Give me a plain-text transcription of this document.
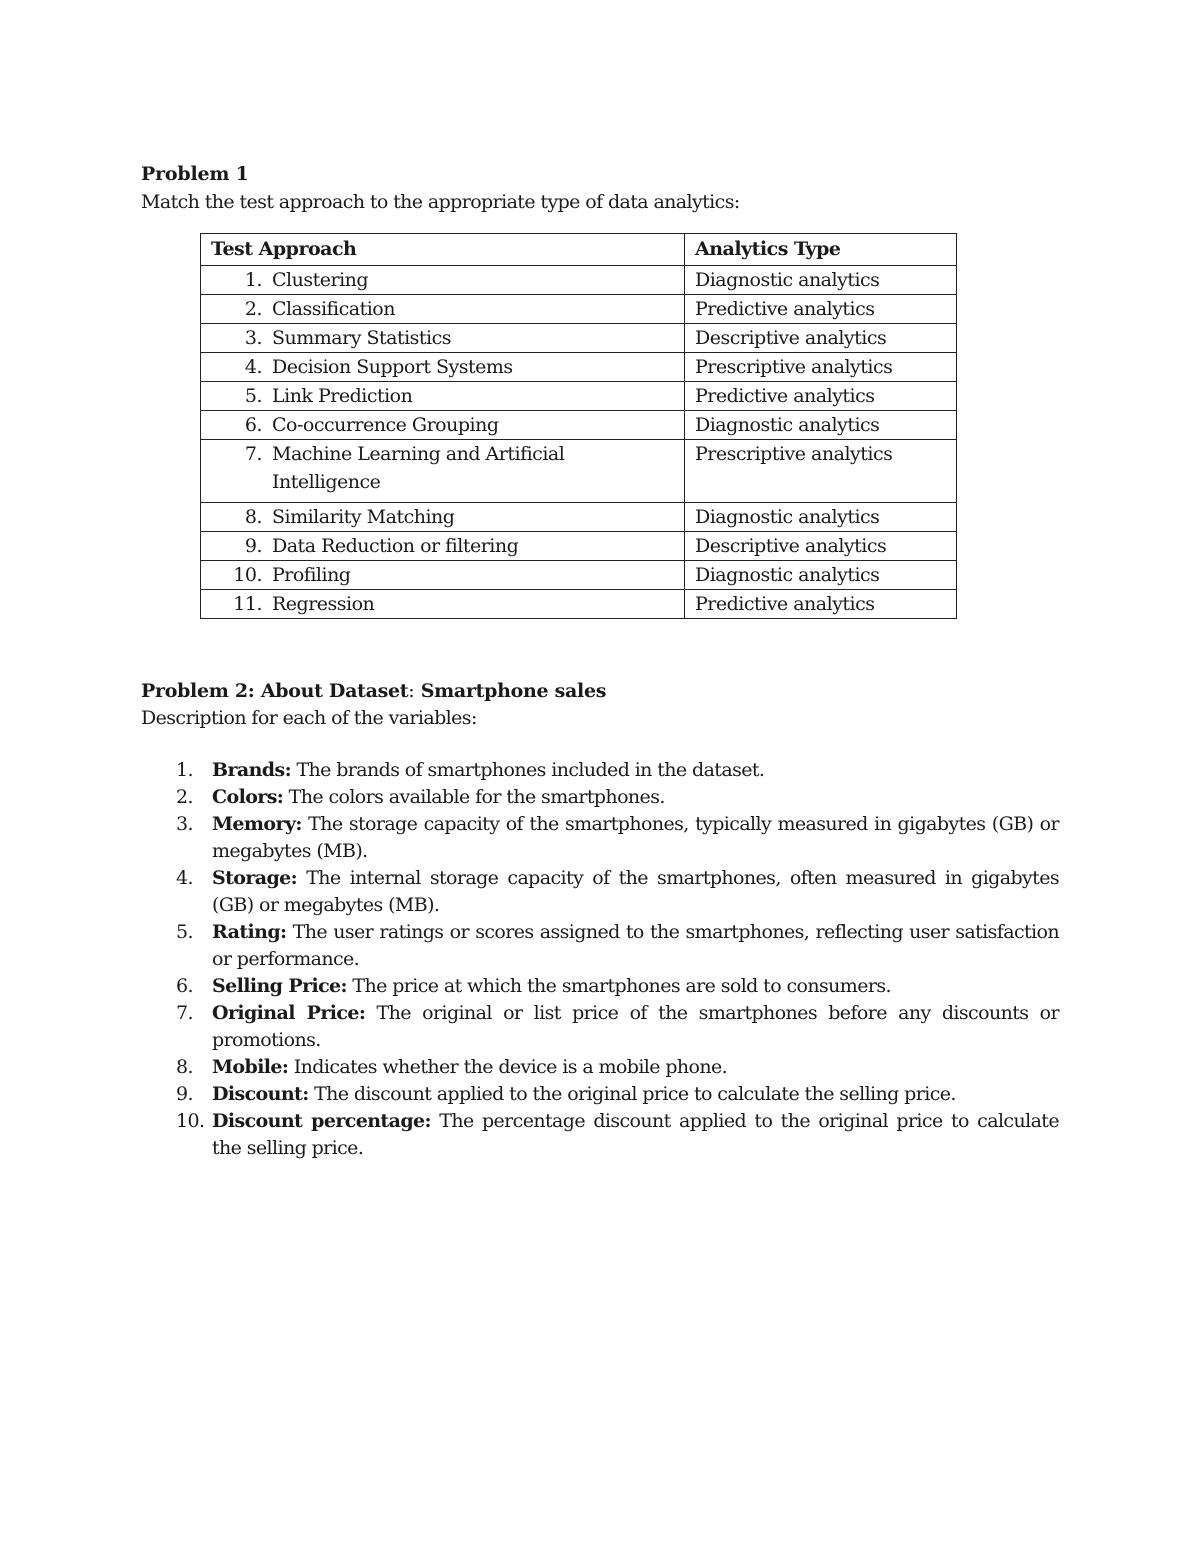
Problem 1
Match the test approach to the appropriate type of data analytics:
Test Approach	Analytics Type
1. Clustering	Diagnostic analytics
2. Classification	Predictive analytics
3. Summary Statistics	Descriptive analytics
4. Decision Support Systems	Prescriptive analytics
5. Link Prediction	Predictive analytics
6. Co-occurrence Grouping	Diagnostic analytics
7. Machine Learning and Artificial Intelligence	Prescriptive analytics
8. Similarity Matching	Diagnostic analytics
9. Data Reduction or filtering	Descriptive analytics
10. Profiling	Diagnostic analytics
11. Regression	Predictive analytics
Problem 2: About Dataset: Smartphone sales
Description for each of the variables:
1.	Brands: The brands of smartphones included in the dataset.
2.	Colors: The colors available for the smartphones.
3.	Memory: The storage capacity of the smartphones, typically measured in gigabytes (GB) or megabytes (MB).
4.	Storage: The internal storage capacity of the smartphones, often measured in gigabytes (GB) or megabytes (MB).
5.	Rating: The user ratings or scores assigned to the smartphones, reflecting user satisfaction or performance.
6.	Selling Price: The price at which the smartphones are sold to consumers.
7.	Original Price: The original or list price of the smartphones before any discounts or promotions.
8.	Mobile: Indicates whether the device is a mobile phone.
9.	Discount: The discount applied to the original price to calculate the selling price.
10. Discount percentage: The percentage discount applied to the original price to calculate the selling price.
